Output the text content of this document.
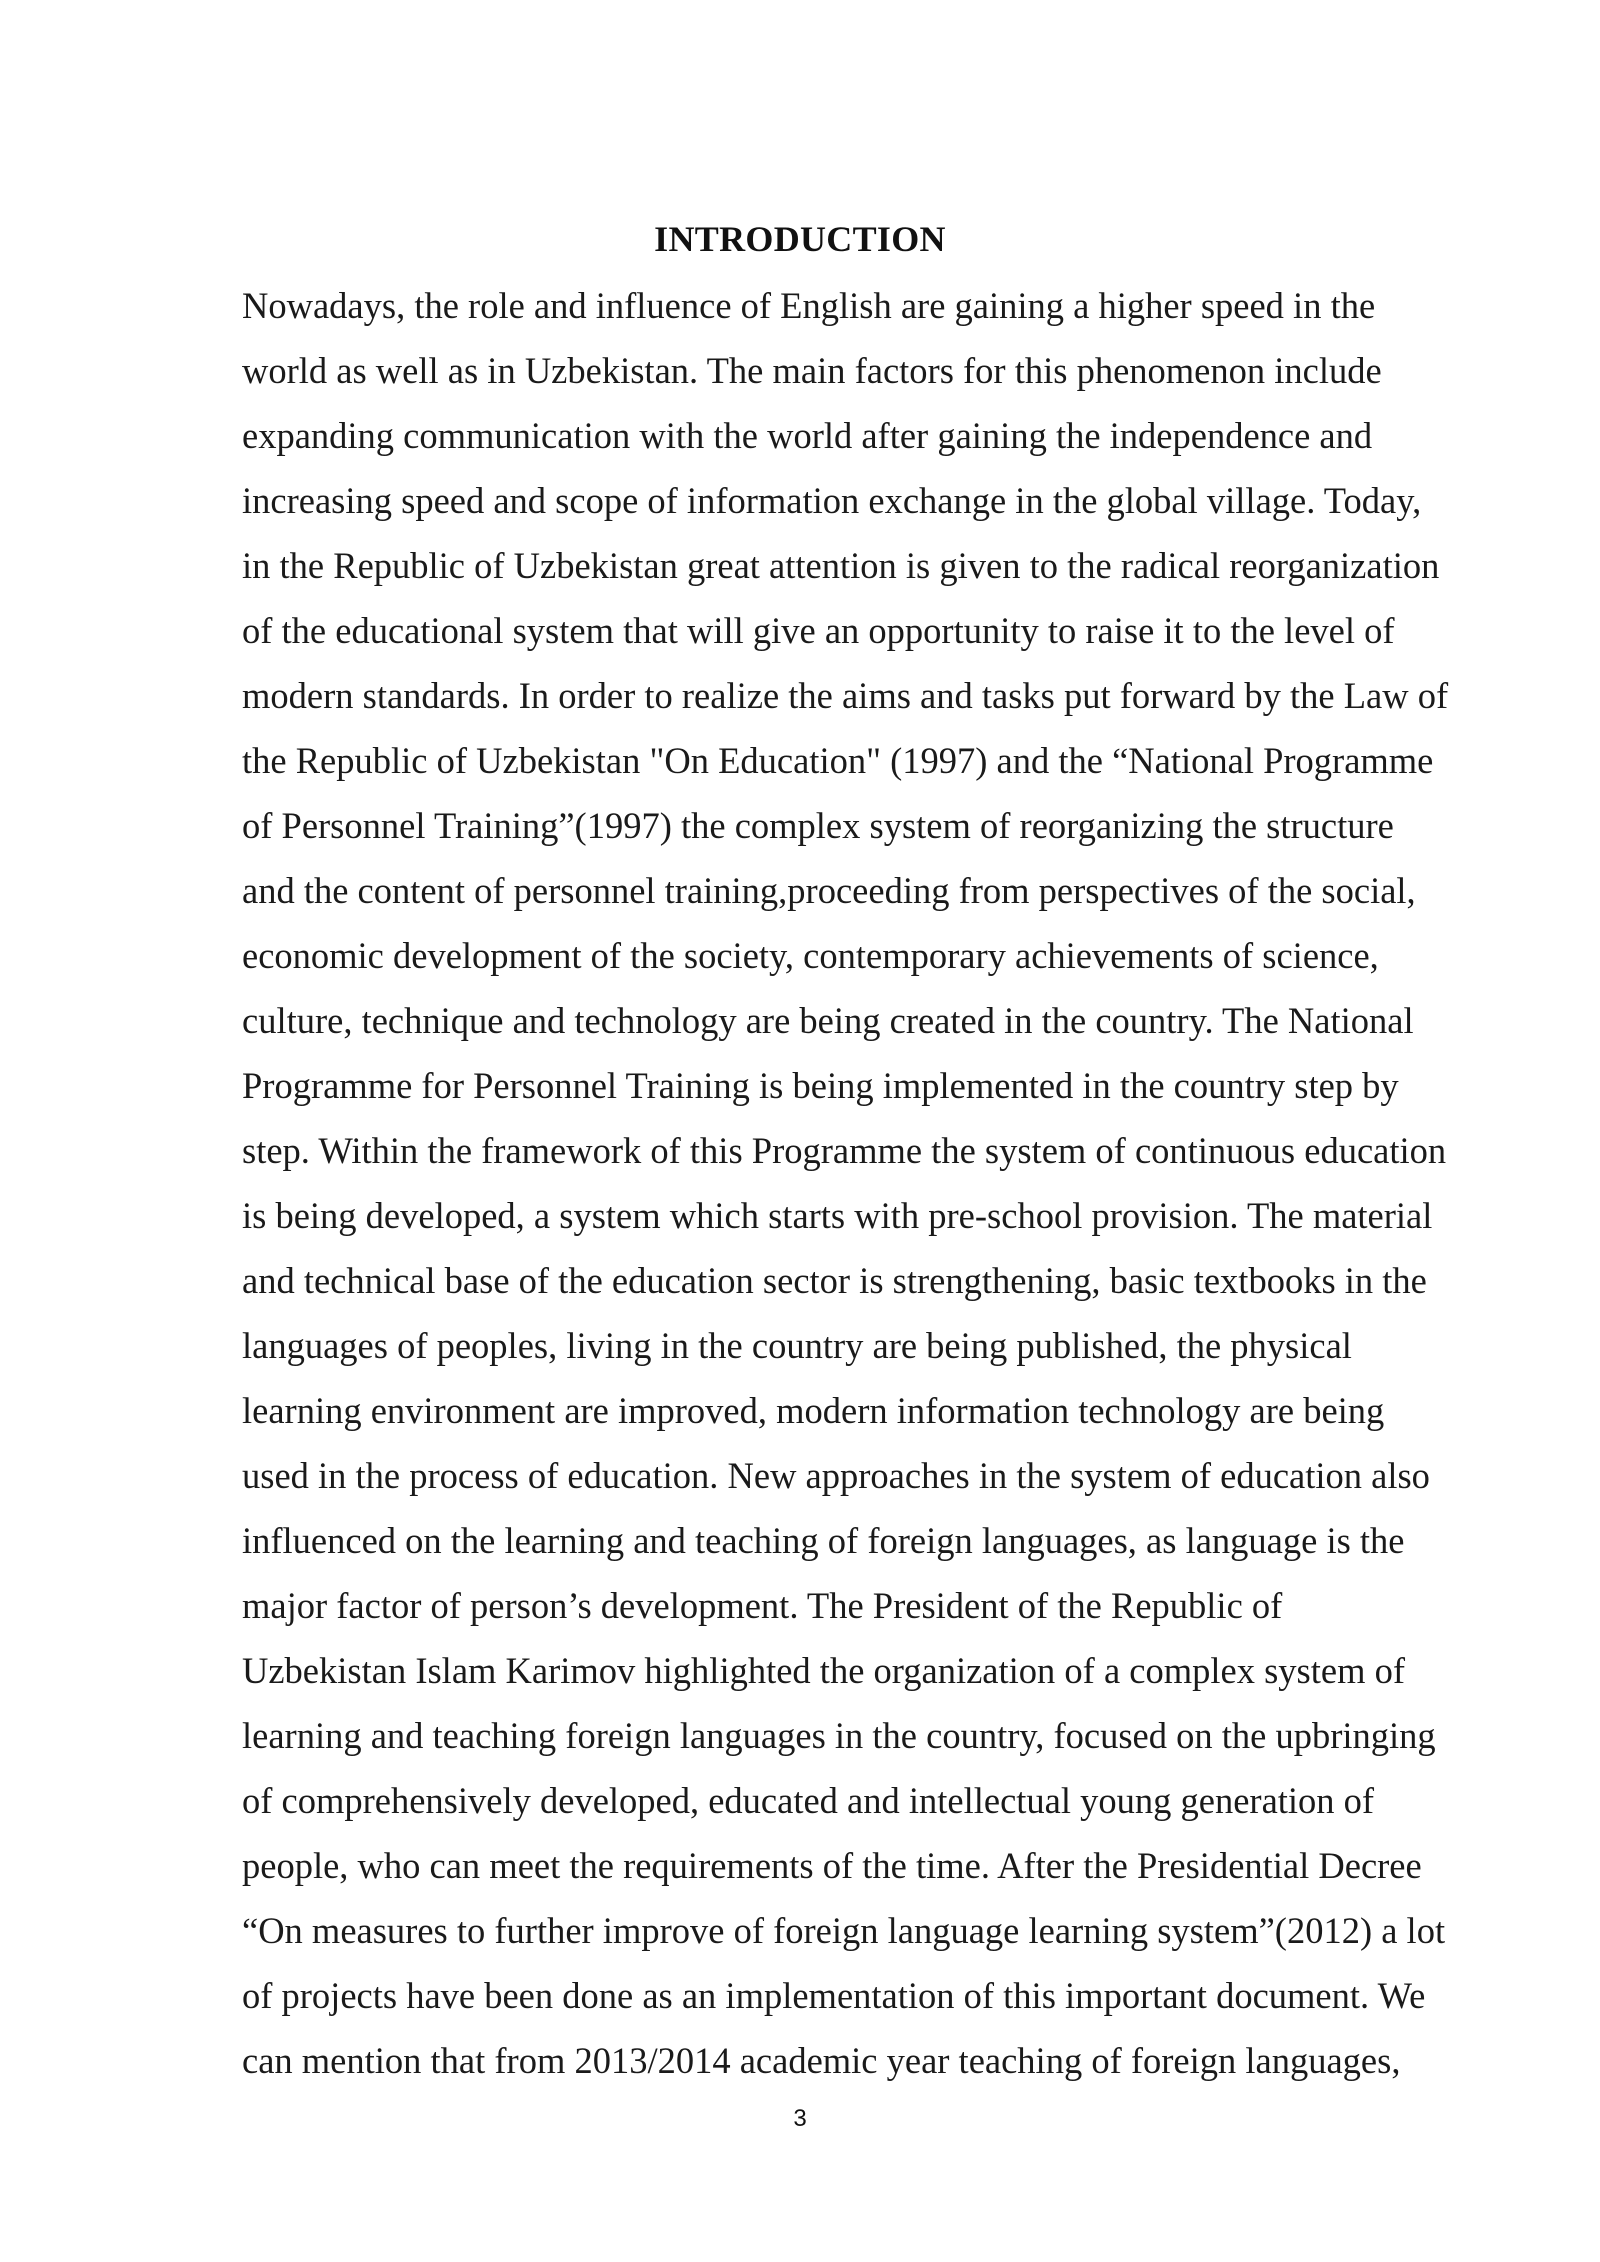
INTRODUCTION
Nowadays, the role and influence of English are gaining a higher speed in the
world as well as in Uzbekistan. The main factors for this phenomenon include
expanding communication with the world after gaining the independence and
increasing speed and scope of information exchange in the global village. Today,
in the Republic of Uzbekistan great attention is given to the radical reorganization
of the educational system that will give an opportunity to raise it to the level of
modern standards. In order to realize the aims and tasks put forward by the Law of
the Republic of Uzbekistan "On Education" (1997) and the “National Programme
of Personnel Training”(1997) the complex system of reorganizing the structure
and the content of personnel training,proceeding from perspectives of the social,
economic development of the society, contemporary achievements of science,
culture, technique and technology are being created in the country. The National
Programme for Personnel Training is being implemented in the country step by
step. Within the framework of this Programme the system of continuous education
is being developed, a system which starts with pre-school provision. The material
and technical base of the education sector is strengthening, basic textbooks in the
languages of peoples, living in the country are being published, the physical
learning environment are improved, modern information technology are being
used in the process of education. New approaches in the system of education also
influenced on the learning and teaching of foreign languages, as language is the
major factor of person’s development. The President of the Republic of
Uzbekistan Islam Karimov highlighted the organization of a complex system of
learning and teaching foreign languages in the country, focused on the upbringing
of comprehensively developed, educated and intellectual young generation of
people, who can meet the requirements of the time. After the Presidential Decree
“On measures to further improve of foreign language learning system”(2012) a lot
of projects have been done as an implementation of this important document. We
can mention that from 2013/2014 academic year teaching of foreign languages,
3
